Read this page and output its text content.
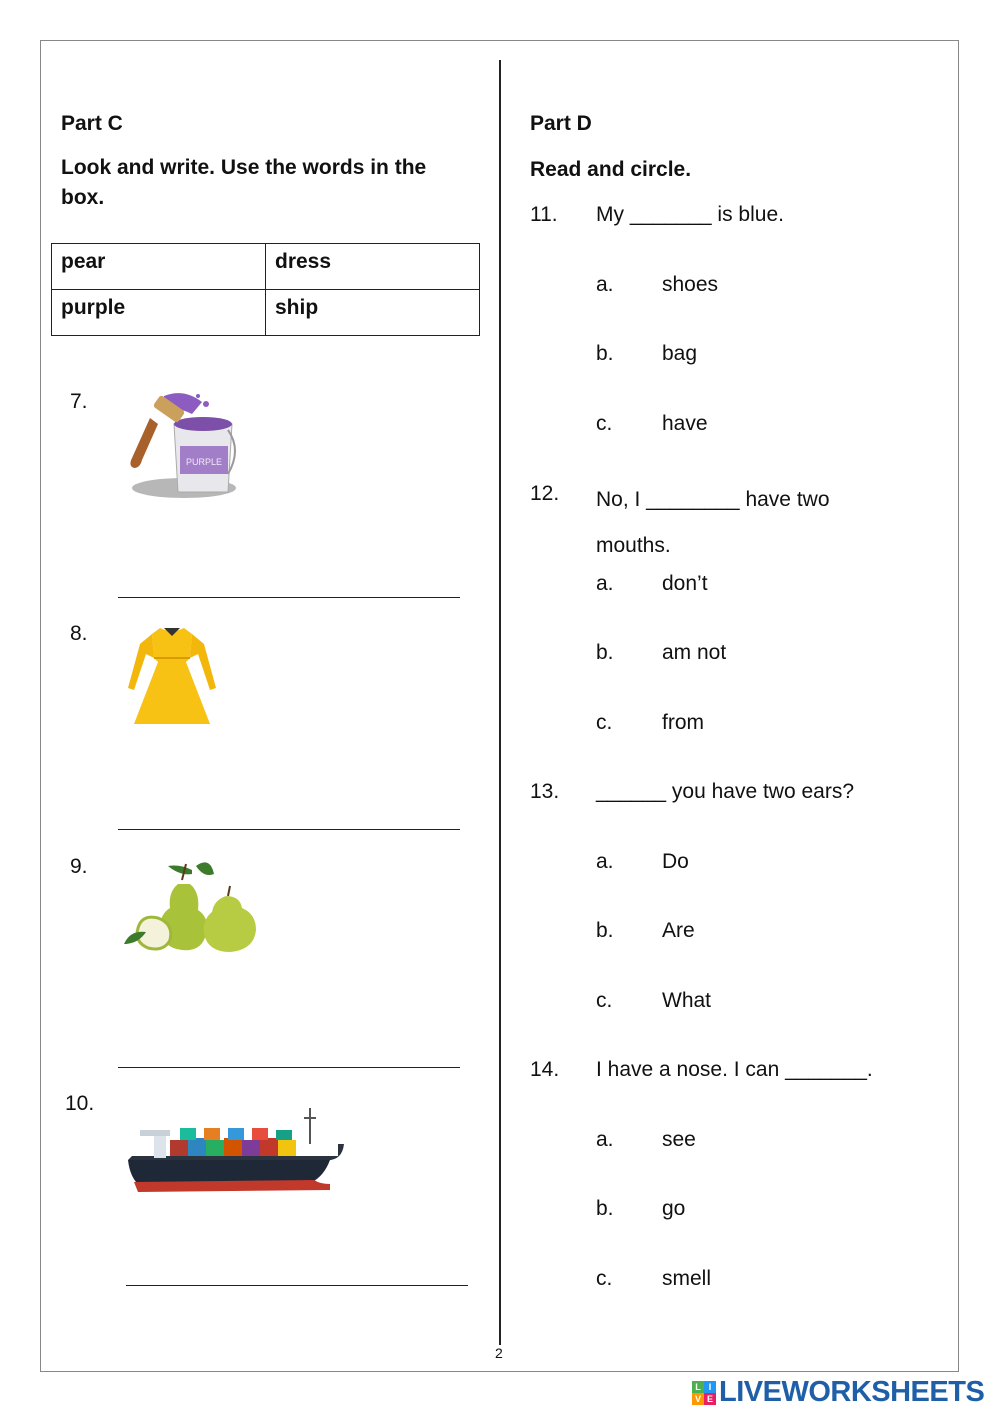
Part C
Look and write. Use the words in the
box.
pear	dress
purple	ship
7.
PURPLE
8.
9.
10.
Part D
Read and circle.
11. My _______ is blue.
a. shoes
b. bag
c. have
12. No, I ________ have two
mouths.
a. don’t
b. am not
c. from
13. ______ you have two ears?
a. Do
b. Are
c. What
14. I have a nose. I can _______.
a. see
b. go
c. smell
2
L I
V E LIVEWORKSHEETS
